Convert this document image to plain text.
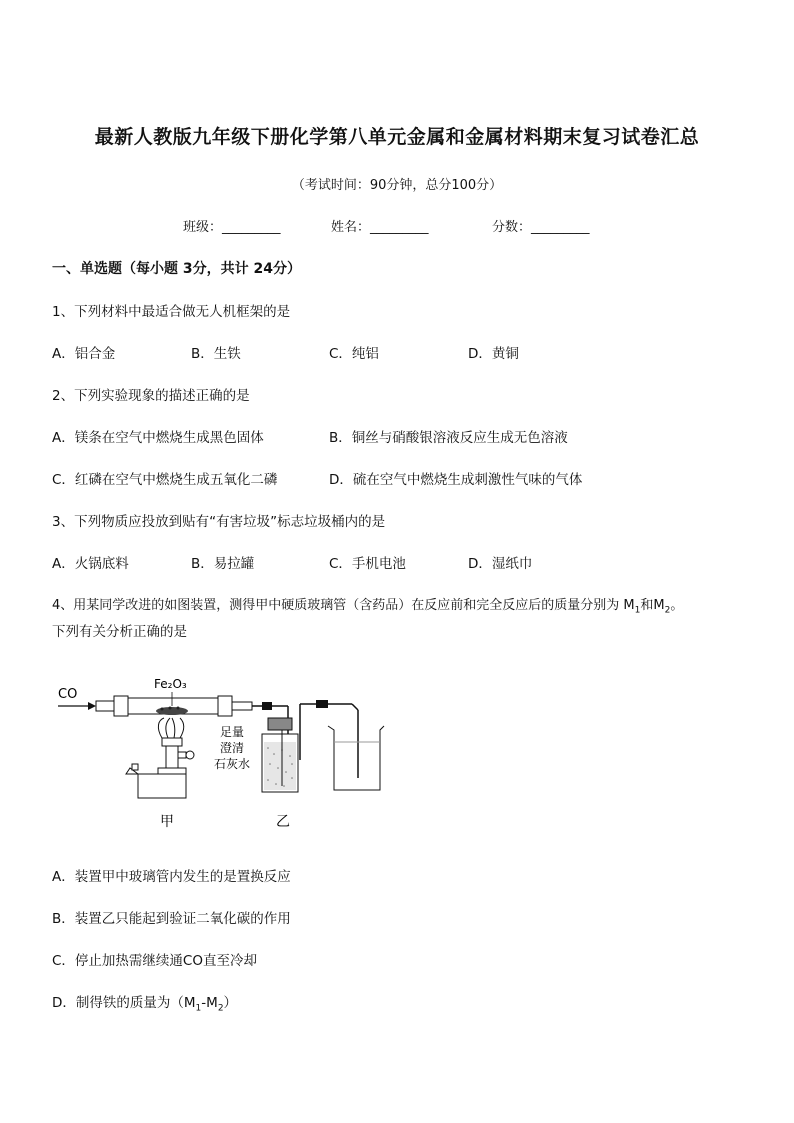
最新人教版九年级下册化学第八单元金属和金属材料期末复习试卷汇总
（考试时间：90分钟，总分100分）
班级：_________	姓名：_________	分数：_________
一、单选题（每小题 3分，共计 24分）
1、下列材料中最适合做无人机框架的是
A．铝合金	B．生铁	C．纯铝	D．黄铜
2、下列实验现象的描述正确的是
A．镁条在空气中燃烧生成黑色固体	B．铜丝与硝酸银溶液反应生成无色溶液
C．红磷在空气中燃烧生成五氧化二磷	D．硫在空气中燃烧生成刺激性气味的气体
3、下列物质应投放到贴有“有害垃圾”标志垃圾桶内的是
A．火锅底料	B．易拉罐	C．手机电池	D．湿纸巾
4、用某同学改进的如图装置，测得甲中硬质玻璃管（含药品）在反应前和完全反应后的质量分别为 $M_1$和$M_2$。
下列有关分析正确的是
CO
Fe₂O₃
足量
澄清
石灰水
甲	乙
A．装置甲中玻璃管内发生的是置换反应
B．装置乙只能起到验证二氧化碳的作用
C．停止加热需继续通CO直至冷却
D．制得铁的质量为$(M_1-M_2)$
